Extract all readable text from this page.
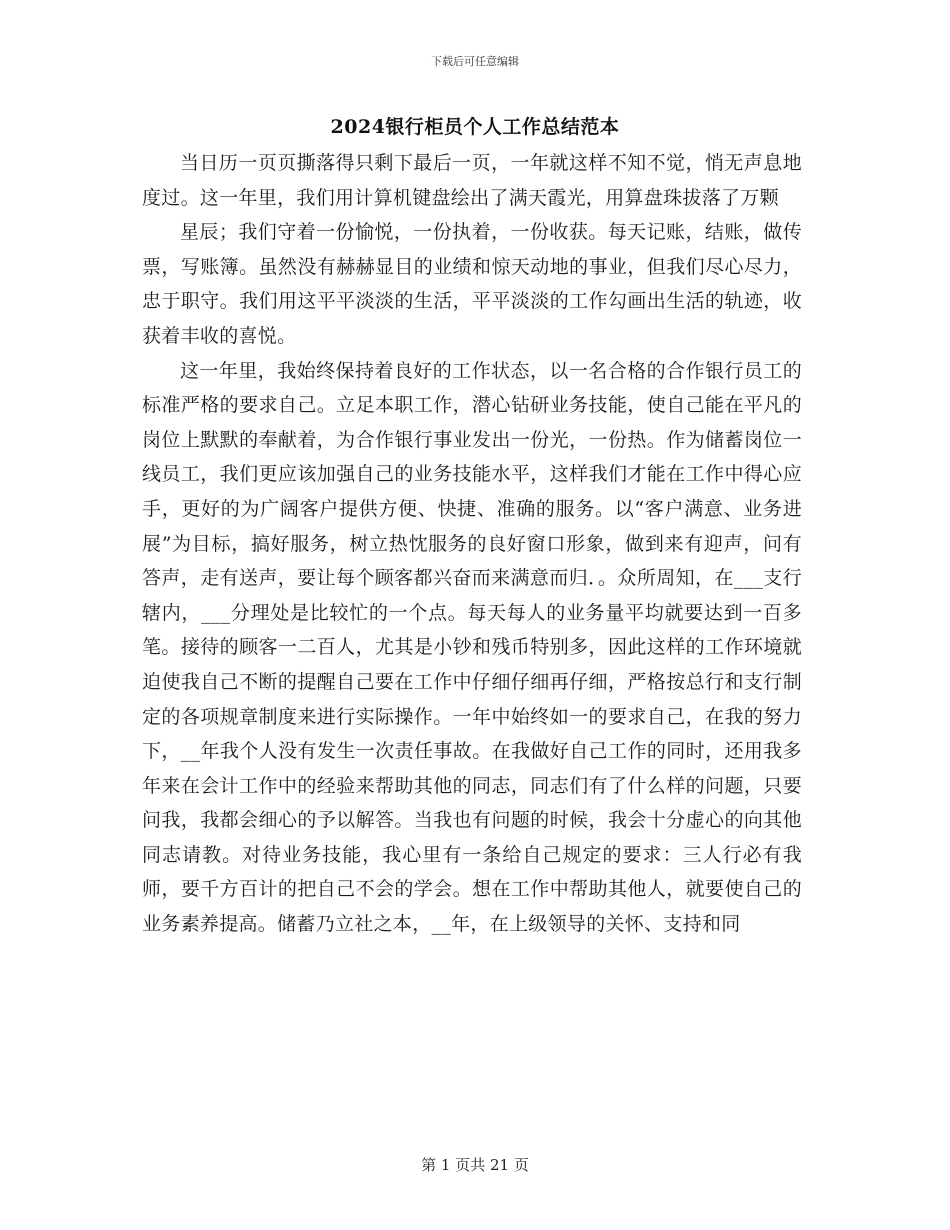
下载后可任意编辑
2024银行柜员个人工作总结范本

当日历一页页撕落得只剩下最后一页，一年就这样不知不觉，悄无声息地度过。这一年里，我们用计算机键盘绘出了满天霞光，用算盘珠拔落了万颗

星辰；我们守着一份愉悦，一份执着，一份收获。每天记账，结账，做传票，写账簿。虽然没有赫赫显目的业绩和惊天动地的事业，但我们尽心尽力，忠于职守。我们用这平平淡淡的生活，平平淡淡的工作勾画出生活的轨迹，收获着丰收的喜悦。

这一年里，我始终保持着良好的工作状态，以一名合格的合作银行员工的标准严格的要求自己。立足本职工作，潜心钻研业务技能，使自己能在平凡的岗位上默默的奉献着，为合作银行事业发出一份光，一份热。作为储蓄岗位一线员工，我们更应该加强自己的业务技能水平，这样我们才能在工作中得心应手，更好的为广阔客户提供方便、快捷、准确的服务。以“客户满意、业务进展”为目标，搞好服务，树立热忱服务的良好窗口形象，做到来有迎声，问有答声，走有送声，要让每个顾客都兴奋而来满意而归．。众所周知，在___支行辖内，___分理处是比较忙的一个点。每天每人的业务量平均就要达到一百多笔。接待的顾客一二百人，尤其是小钞和残币特别多，因此这样的工作环境就迫使我自己不断的提醒自己要在工作中仔细仔细再仔细，严格按总行和支行制定的各项规章制度来进行实际操作。一年中始终如一的要求自己，在我的努力下，__年我个人没有发生一次责任事故。在我做好自己工作的同时，还用我多年来在会计工作中的经验来帮助其他的同志，同志们有了什么样的问题，只要问我，我都会细心的予以解答。当我也有问题的时候，我会十分虚心的向其他同志请教。对待业务技能，我心里有一条给自己规定的要求：三人行必有我师，要千方百计的把自己不会的学会。想在工作中帮助其他人，就要使自己的业务素养提高。储蓄乃立社之本，__年，在上级领导的关怀、支持和同

第 1 页共 21 页
